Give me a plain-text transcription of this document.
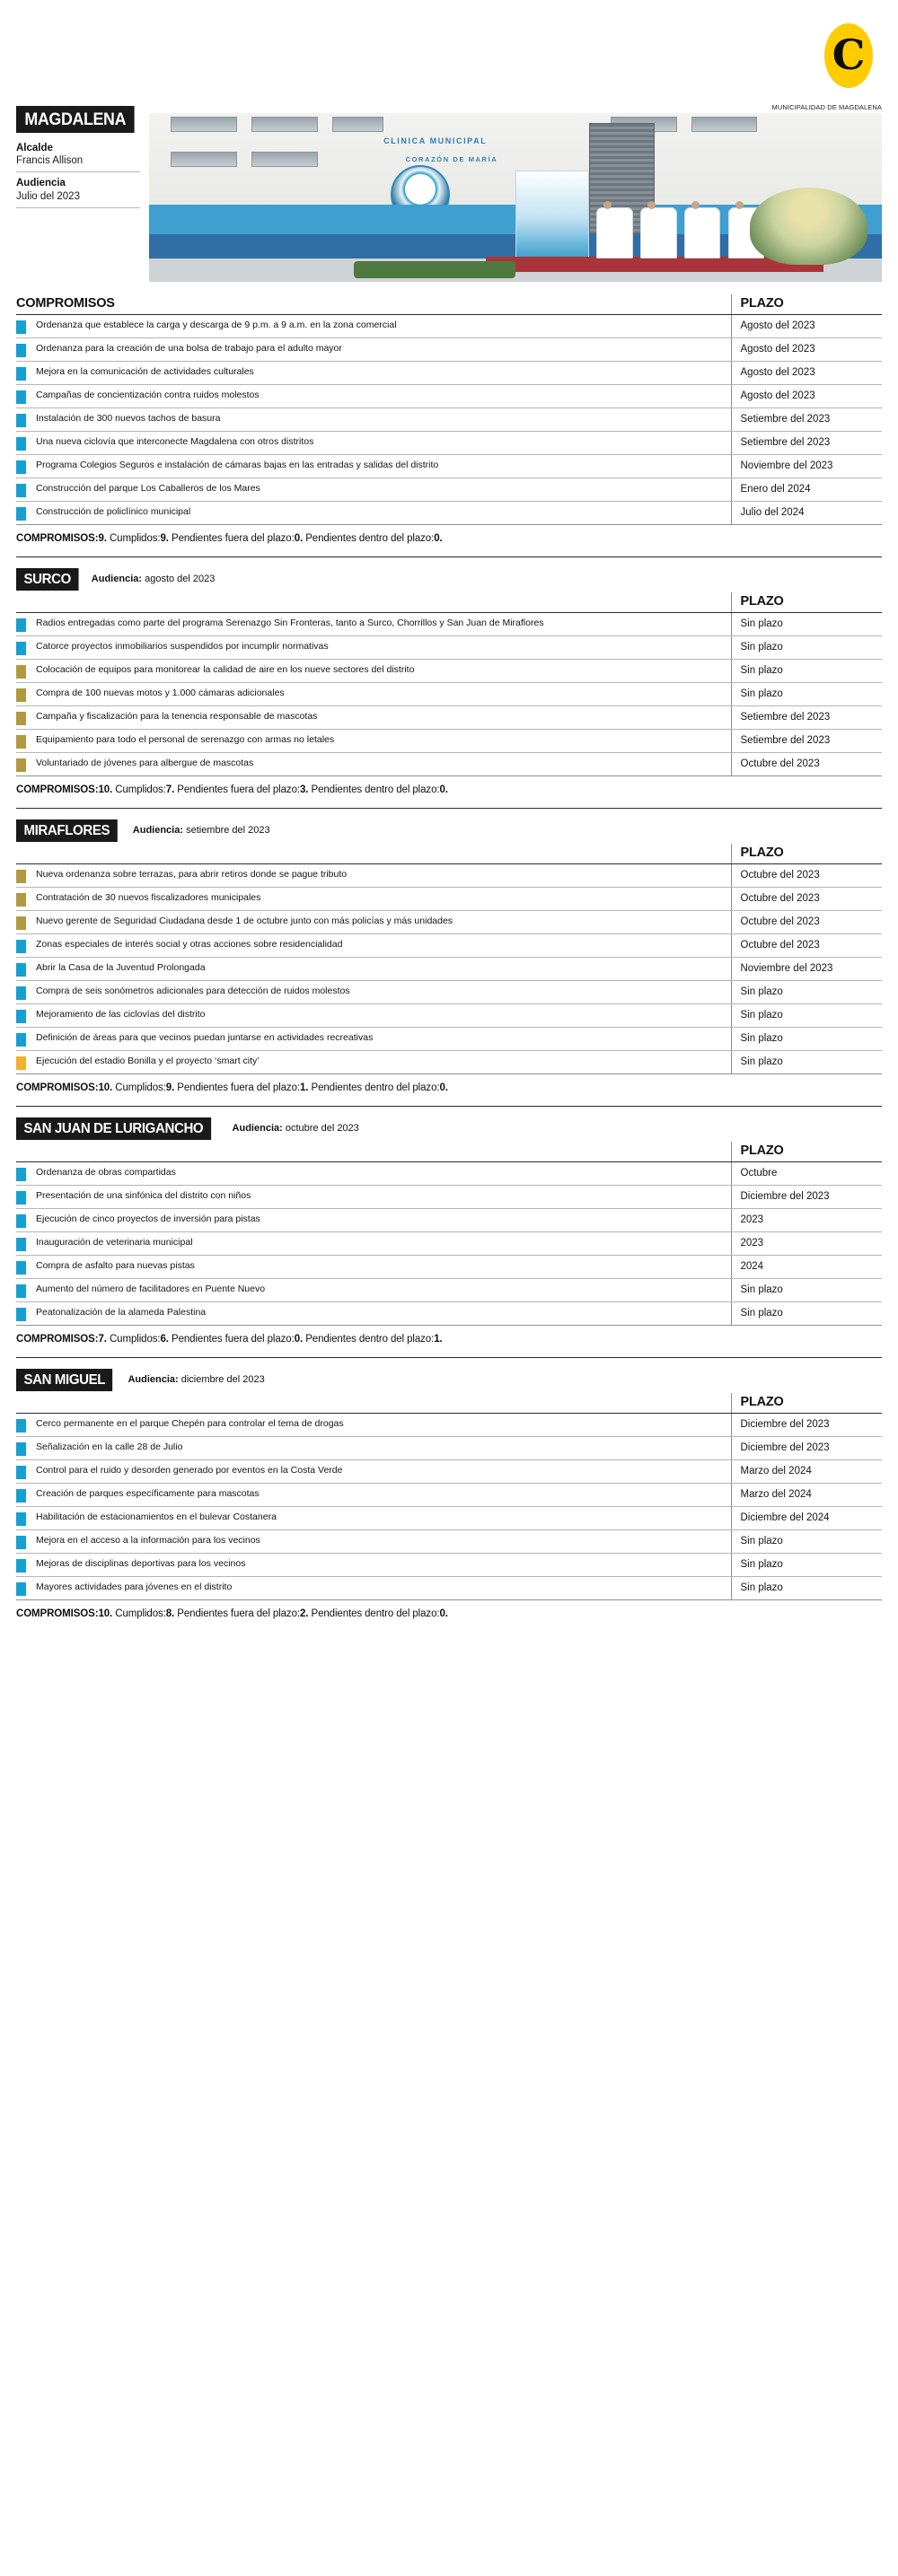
C
MAGDALENA
Alcalde
Francis Allison
Audiencia
Julio del 2023
MUNICIPALIDAD DE MAGDALENA
CLINICA MUNICIPAL
CORAZÓN DE MARÍA
COMPROMISOS		PLAZO

	Ordenanza que establece la carga y descarga de 9 p.m. a 9 a.m. en la zona comercial	Agosto del 2023

	Ordenanza para la creación de una bolsa de trabajo para el adulto mayor	Agosto del 2023

	Mejora en la comunicación de actividades culturales	Agosto del 2023

	Campañas de concientización contra ruidos molestos	Agosto del 2023

	Instalación de 300 nuevos tachos de basura	Setiembre del 2023

	Una nueva ciclovía que interconecte Magdalena con otros distritos	Setiembre del 2023

	Programa Colegios Seguros e instalación de cámaras bajas en las entradas y salidas del distrito	Noviembre del 2023

	Construcción del parque Los Caballeros de los Mares	Enero del 2024

	Construcción de policlínico municipal	Julio del 2024
COMPROMISOS:9. Cumplidos:9. Pendientes fuera del plazo:0. Pendientes dentro del plazo:0.
SURCO	Audiencia: agosto del 2023
		PLAZO

	Radios entregadas como parte del programa Serenazgo Sin Fronteras, tanto a Surco, Chorrillos y San Juan de Miraflores	Sin plazo

	Catorce proyectos inmobiliarios suspendidos por incumplir normativas	Sin plazo

	Colocación de equipos para monitorear la calidad de aire en los nueve sectores del distrito	Sin plazo

	Compra de 100 nuevas motos y 1.000 cámaras adicionales	Sin plazo

	Campaña y fiscalización para la tenencia responsable de mascotas	Setiembre del 2023

	Equipamiento para todo el personal de serenazgo con armas no letales	Setiembre del 2023

	Voluntariado de jóvenes para albergue de mascotas	Octubre del 2023
COMPROMISOS:10. Cumplidos:7. Pendientes fuera del plazo:3. Pendientes dentro del plazo:0.
MIRAFLORES	Audiencia: setiembre del 2023
		PLAZO

	Nueva ordenanza sobre terrazas, para abrir retiros donde se pague tributo	Octubre del 2023

	Contratación de 30 nuevos fiscalizadores municipales	Octubre del 2023

	Nuevo gerente de Seguridad Ciudadana desde 1 de octubre junto con más policías y más unidades	Octubre del 2023

	Zonas especiales de interés social y otras acciones sobre residencialidad	Octubre del 2023

	Abrir la Casa de la Juventud Prolongada	Noviembre del 2023

	Compra de seis sonómetros adicionales para detección de ruidos molestos	Sin plazo

	Mejoramiento de las ciclovías del distrito	Sin plazo

	Definición de áreas para que vecinos puedan juntarse en actividades recreativas	Sin plazo

	Ejecución del estadio Bonilla y el proyecto ‘smart city’	Sin plazo
COMPROMISOS:10. Cumplidos:9. Pendientes fuera del plazo:1. Pendientes dentro del plazo:0.
SAN JUAN DE LURIGANCHO	Audiencia: octubre del 2023
		PLAZO

	Ordenanza de obras compartidas	Octubre

	Presentación de una sinfónica del distrito con niños	Diciembre del 2023

	Ejecución de cinco proyectos de inversión para pistas	2023

	Inauguración de veterinaria municipal	2023

	Compra de asfalto para nuevas pistas	2024

	Aumento del número de facilitadores en Puente Nuevo	Sin plazo

	Peatonalización de la alameda Palestina	Sin plazo
COMPROMISOS:7. Cumplidos:6. Pendientes fuera del plazo:0. Pendientes dentro del plazo:1.
SAN MIGUEL	Audiencia: diciembre del 2023
		PLAZO

	Cerco permanente en el parque Chepén para controlar el tema de drogas	Diciembre del 2023

	Señalización en la calle 28 de Julio	Diciembre del 2023

	Control para el ruido y desorden generado por eventos en la Costa Verde	Marzo del 2024

	Creación de parques específicamente para mascotas	Marzo del 2024

	Habilitación de estacionamientos en el bulevar Costanera	Diciembre del 2024

	Mejora en el acceso a la información para los vecinos	Sin plazo

	Mejoras de disciplinas deportivas para los vecinos	Sin plazo

	Mayores actividades para jóvenes en el distrito	Sin plazo
COMPROMISOS:10. Cumplidos:8. Pendientes fuera del plazo:2. Pendientes dentro del plazo:0.
